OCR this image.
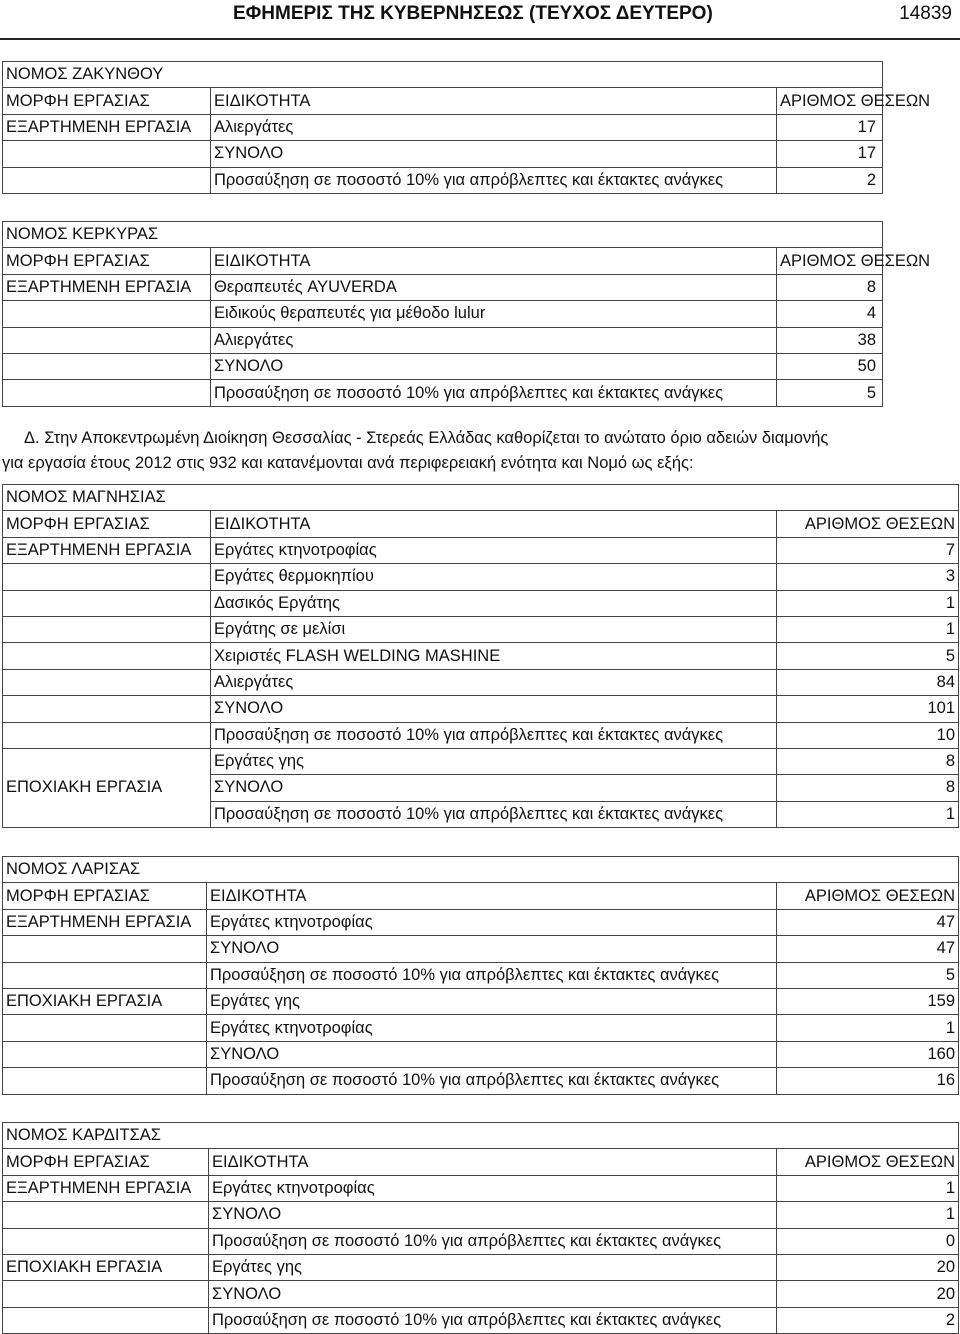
ΕΦΗΜΕΡΙΣ ΤΗΣ ΚΥΒΕΡΝΗΣΕΩΣ (ΤΕΥΧΟΣ ΔΕΥΤΕΡΟ)	14839
ΝΟΜΟΣ ΖΑΚΥΝΘΟΥ		
ΜΟΡΦΗ ΕΡΓΑΣΙΑΣ	ΕΙΔΙΚΟΤΗΤΑ	ΑΡΙΘΜΟΣ ΘΕΣΕΩΝ
ΕΞΑΡΤΗΜΕΝΗ ΕΡΓΑΣΙΑ	Αλιεργάτες	17
	ΣΥΝΟΛΟ	17
	Προσαύξηση σε ποσοστό 10% για απρόβλεπτες και έκτακτες ανάγκες	2
ΝΟΜΟΣ ΚΕΡΚΥΡΑΣ		
ΜΟΡΦΗ ΕΡΓΑΣΙΑΣ	ΕΙΔΙΚΟΤΗΤΑ	ΑΡΙΘΜΟΣ ΘΕΣΕΩΝ
ΕΞΑΡΤΗΜΕΝΗ ΕΡΓΑΣΙΑ	Θεραπευτές AYUVERDA	8
	Ειδικούς θεραπευτές για μέθοδο lulur	4
	Αλιεργάτες	38
	ΣΥΝΟΛΟ	50
	Προσαύξηση σε ποσοστό 10% για απρόβλεπτες και έκτακτες ανάγκες	5

Δ. Στην Αποκεντρωμένη Διοίκηση Θεσσαλίας - Στερεάς Ελλάδας καθορίζεται το ανώτατο όριο αδειών διαμονής

για εργασία έτους 2012 στις 932 και κατανέμονται ανά περιφερειακή ενότητα και Νομό ως εξής:

ΝΟΜΟΣ ΜΑΓΝΗΣΙΑΣ		
ΜΟΡΦΗ ΕΡΓΑΣΙΑΣ	ΕΙΔΙΚΟΤΗΤΑ	ΑΡΙΘΜΟΣ ΘΕΣΕΩΝ
ΕΞΑΡΤΗΜΕΝΗ ΕΡΓΑΣΙΑ	Εργάτες κτηνοτροφίας	7
	Εργάτες θερμοκηπίου	3
	Δασικός Εργάτης	1
	Εργάτης σε μελίσι	1
	Χειριστές FLASH WELDING MASHINE	5
	Αλιεργάτες	84
	ΣΥΝΟΛΟ	101
	Προσαύξηση σε ποσοστό 10% για απρόβλεπτες και έκτακτες ανάγκες	10
ΕΠΟΧΙΑΚΗ ΕΡΓΑΣΙΑ	Εργάτες γης	8
	ΣΥΝΟΛΟ	8
	Προσαύξηση σε ποσοστό 10% για απρόβλεπτες και έκτακτες ανάγκες	1
ΝΟΜΟΣ ΛΑΡΙΣΑΣ		
ΜΟΡΦΗ ΕΡΓΑΣΙΑΣ	ΕΙΔΙΚΟΤΗΤΑ	ΑΡΙΘΜΟΣ ΘΕΣΕΩΝ
ΕΞΑΡΤΗΜΕΝΗ ΕΡΓΑΣΙΑ	Εργάτες κτηνοτροφίας	47
	ΣΥΝΟΛΟ	47
	Προσαύξηση σε ποσοστό 10% για απρόβλεπτες και έκτακτες ανάγκες	5
ΕΠΟΧΙΑΚΗ ΕΡΓΑΣΙΑ	Εργάτες γης	159
	Εργάτες κτηνοτροφίας	1
	ΣΥΝΟΛΟ	160
	Προσαύξηση σε ποσοστό 10% για απρόβλεπτες και έκτακτες ανάγκες	16
ΝΟΜΟΣ ΚΑΡΔΙΤΣΑΣ		
ΜΟΡΦΗ ΕΡΓΑΣΙΑΣ	ΕΙΔΙΚΟΤΗΤΑ	ΑΡΙΘΜΟΣ ΘΕΣΕΩΝ
ΕΞΑΡΤΗΜΕΝΗ ΕΡΓΑΣΙΑ	Εργάτες κτηνοτροφίας	1
	ΣΥΝΟΛΟ	1
	Προσαύξηση σε ποσοστό 10% για απρόβλεπτες και έκτακτες ανάγκες	0
ΕΠΟΧΙΑΚΗ ΕΡΓΑΣΙΑ	Εργάτες γης	20
	ΣΥΝΟΛΟ	20
	Προσαύξηση σε ποσοστό 10% για απρόβλεπτες και έκτακτες ανάγκες	2
